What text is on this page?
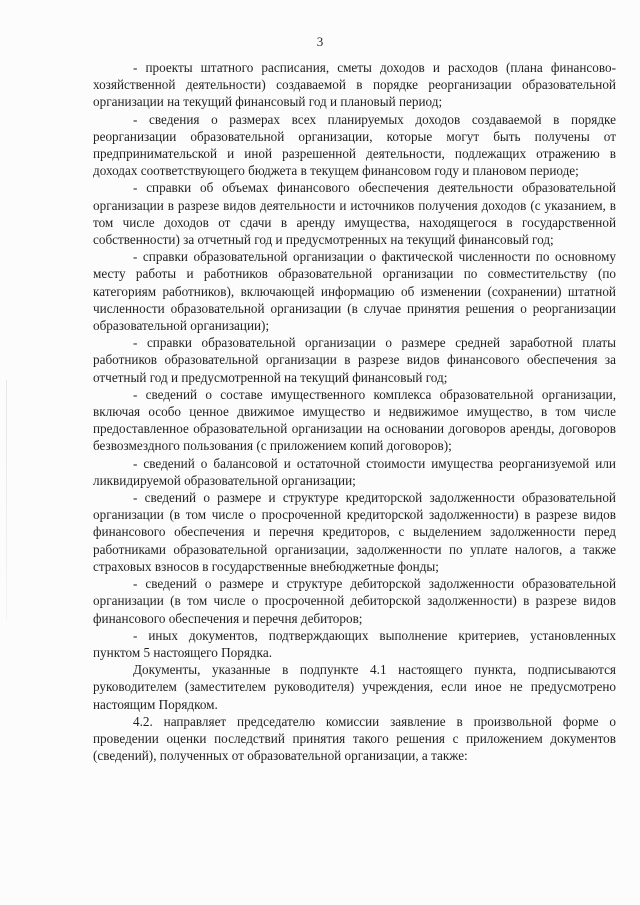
3

- проекты штатного расписания, сметы доходов и расходов (плана финансово-хозяйственной деятельности) создаваемой в порядке реорганизации образовательной организации на текущий финансовый год и плановый период;

- сведения о размерах всех планируемых доходов создаваемой в порядке реорганизации образовательной организации, которые могут быть получены от предпринимательской и иной разрешенной деятельности, подлежащих отражению в доходах соответствующего бюджета в текущем финансовом году и плановом периоде;

- справки об объемах финансового обеспечения деятельности образовательной организации в разрезе видов деятельности и источников получения доходов (с указанием, в том числе доходов от сдачи в аренду имущества, находящегося в государственной собственности) за отчетный год и предусмотренных на текущий финансовый год;

- справки образовательной организации о фактической численности по основному месту работы и работников образовательной организации по совместительству (по категориям работников), включающей информацию об изменении (сохранении) штатной численности образовательной организации (в случае принятия решения о реорганизации образовательной организации);

- справки образовательной организации о размере средней заработной платы работников образовательной организации в разрезе видов финансового обеспечения за отчетный год и предусмотренной на текущий финансовый год;

- сведений о составе имущественного комплекса образовательной организации, включая особо ценное движимое имущество и недвижимое имущество, в том числе предоставленное образовательной организации на основании договоров аренды, договоров безвозмездного пользования (с приложением копий договоров);

- сведений о балансовой и остаточной стоимости имущества реорганизуемой или ликвидируемой образовательной организации;

- сведений о размере и структуре кредиторской задолженности образовательной организации (в том числе о просроченной кредиторской задолженности) в разрезе видов финансового обеспечения и перечня кредиторов, с выделением задолженности перед работниками образовательной организации, задолженности по уплате налогов, а также страховых взносов в государственные внебюджетные фонды;

- сведений о размере и структуре дебиторской задолженности образовательной организации (в том числе о просроченной дебиторской задолженности) в разрезе видов финансового обеспечения и перечня дебиторов;

- иных документов, подтверждающих выполнение критериев, установленных пунктом 5 настоящего Порядка.

Документы, указанные в подпункте 4.1 настоящего пункта, подписываются руководителем (заместителем руководителя) учреждения, если иное не предусмотрено настоящим Порядком.

4.2. направляет председателю комиссии заявление в произвольной форме о проведении оценки последствий принятия такого решения с приложением документов (сведений), полученных от образовательной организации, а также:
